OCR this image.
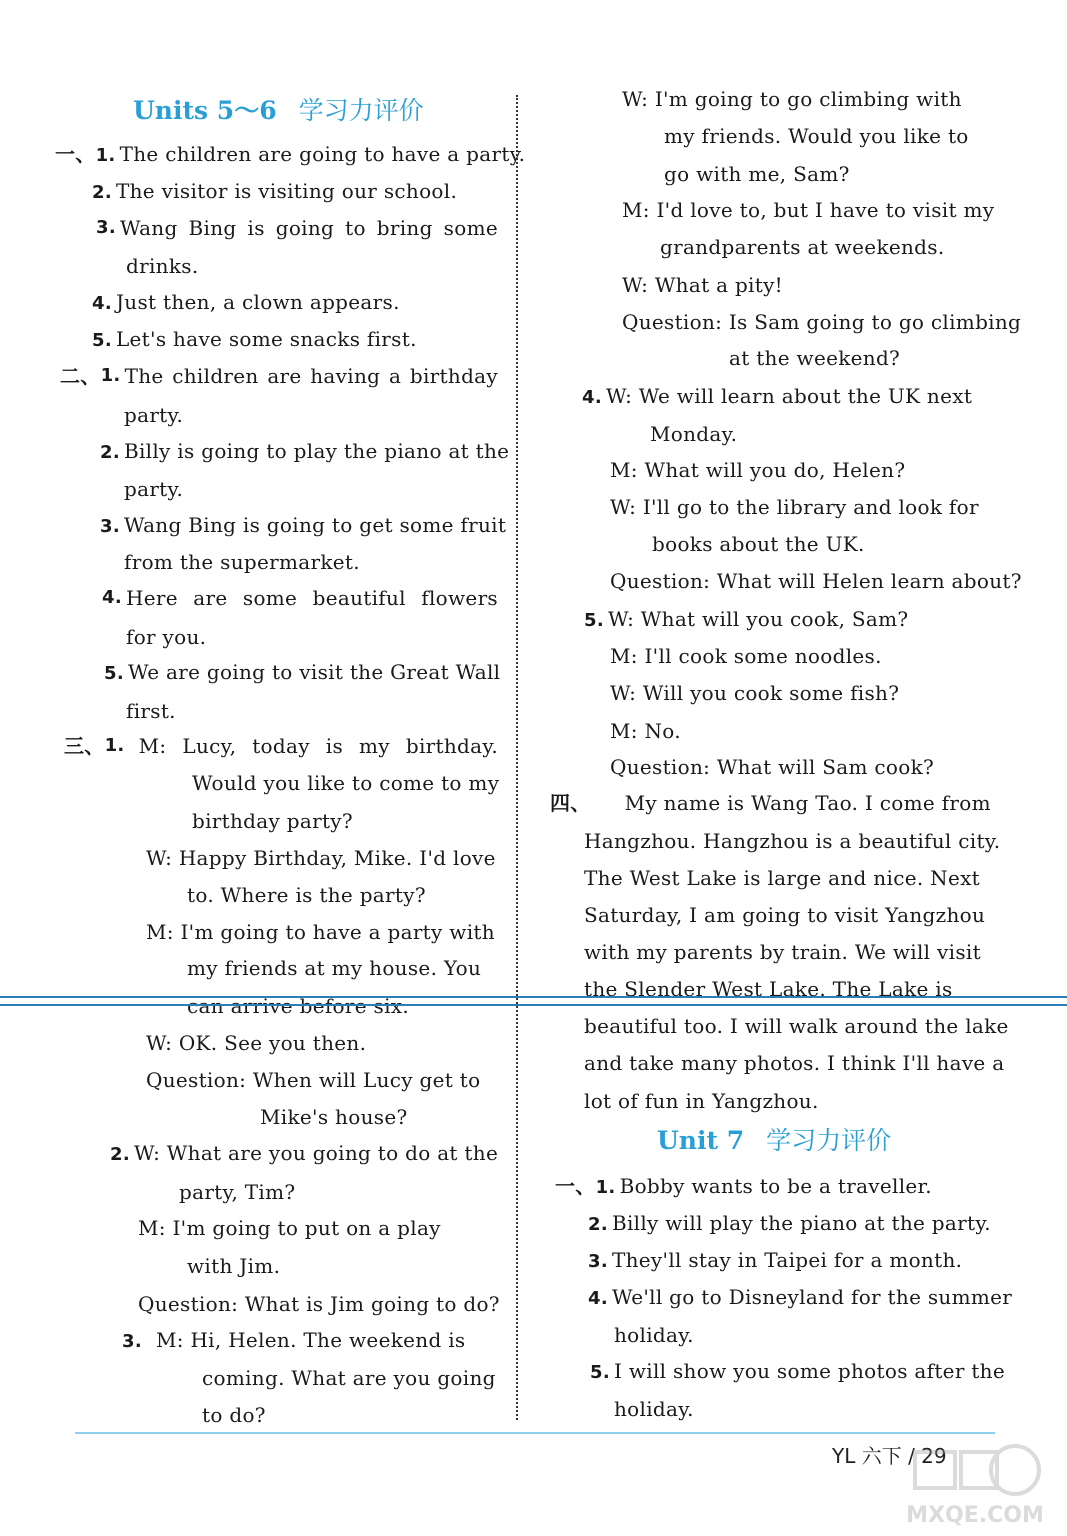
Units 5～6 学习力评价
一、1. The children are going to have a party.
2. The visitor is visiting our school.
3. Wang Bing is going to bring some
drinks.
4. Just then, a clown appears.
5. Let's have some snacks first.
二、 1. The children are having a birthday
party.
2. Billy is going to play the piano at the
party.
3. Wang Bing is going to get some fruit
from the supermarket.
4. Here are some beautiful flowers
for you.
5. We are going to visit the Great Wall
first.
三、 1. M: Lucy, today is my birthday.
Would you like to come to my
birthday party?
W: Happy Birthday, Mike. I'd love
to. Where is the party?
M: I'm going to have a party with
my friends at my house. You
can arrive before six.
W: OK. See you then.
Question: When will Lucy get to
Mike's house?
2. W: What are you going to do at the
party, Tim?
M: I'm going to put on a play
with Jim.
Question: What is Jim going to do?
3. M: Hi, Helen. The weekend is
coming. What are you going
to do?
W: I'm going to go climbing with
my friends. Would you like to
go with me, Sam?
M: I'd love to, but I have to visit my
grandparents at weekends.
W: What a pity!
Question: Is Sam going to go climbing
at the weekend?
4. W: We will learn about the UK next
Monday.
M: What will you do, Helen?
W: I'll go to the library and look for
books about the UK.
Question: What will Helen learn about?
5. W: What will you cook, Sam?
M: I'll cook some noodles.
W: Will you cook some fish?
M: No.
Question: What will Sam cook?
四、 My name is Wang Tao. I come from
Hangzhou. Hangzhou is a beautiful city.
The West Lake is large and nice. Next
Saturday, I am going to visit Yangzhou
with my parents by train. We will visit
the Slender West Lake. The Lake is
beautiful too. I will walk around the lake
and take many photos. I think I'll have a
lot of fun in Yangzhou.
Unit 7 学习力评价
一、1. Bobby wants to be a traveller.
2. Billy will play the piano at the party.
3. They'll stay in Taipei for a month.
4. We'll go to Disneyland for the summer
holiday.
5. I will show you some photos after the
holiday.
YL 六下 / 29
MXQE.COM
